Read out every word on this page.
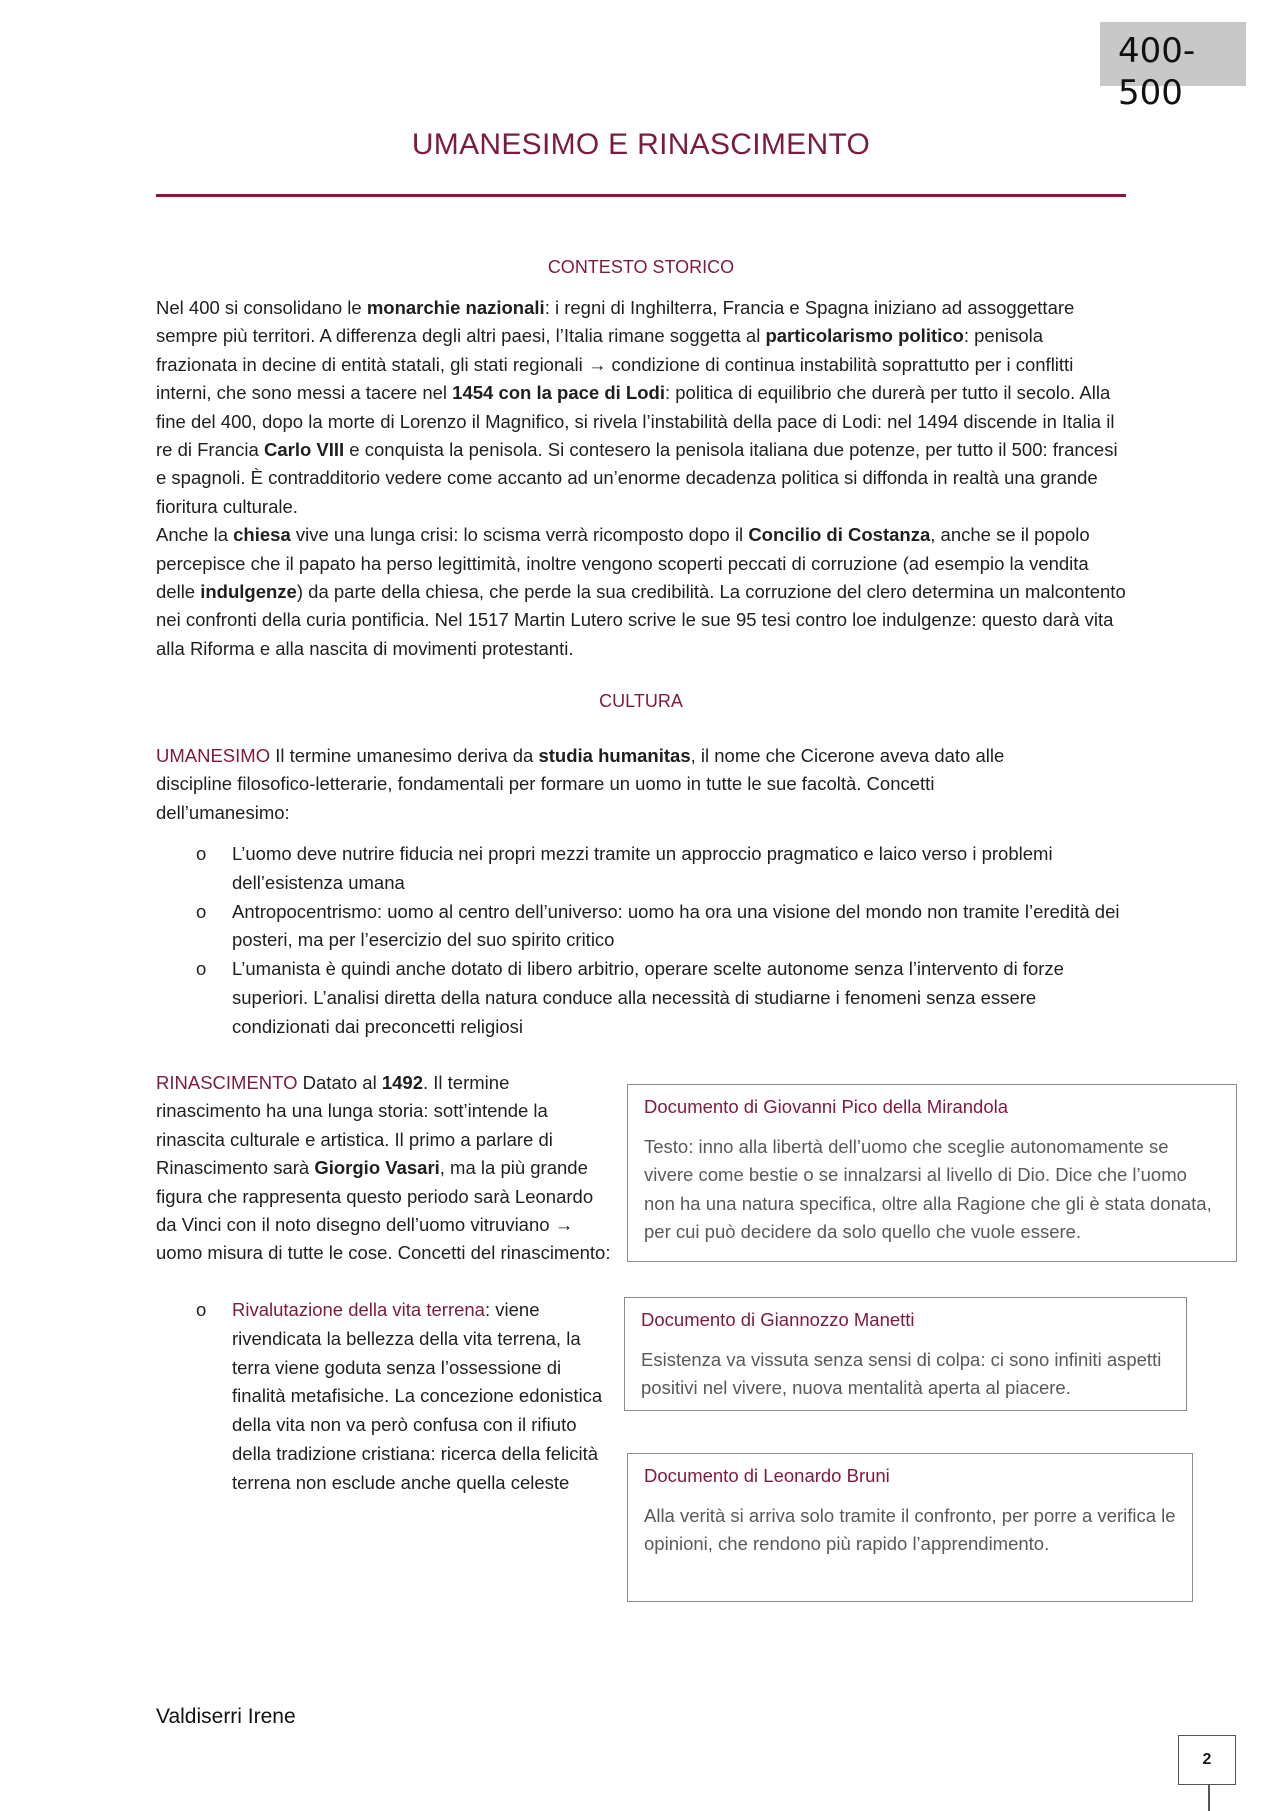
400-500
UMANESIMO E RINASCIMENTO
CONTESTO STORICO

Nel 400 si consolidano le monarchie nazionali: i regni di Inghilterra, Francia e Spagna iniziano ad assoggettare sempre più territori. A differenza degli altri paesi, l’Italia rimane soggetta al particolarismo politico: penisola frazionata in decine di entità statali, gli stati regionali → condizione di continua instabilità soprattutto per i conflitti interni, che sono messi a tacere nel 1454 con la pace di Lodi: politica di equilibrio che durerà per tutto il secolo. Alla fine del 400, dopo la morte di Lorenzo il Magnifico, si rivela l’instabilità della pace di Lodi: nel 1494 discende in Italia il re di Francia Carlo VIII e conquista la penisola. Si contesero la penisola italiana due potenze, per tutto il 500: francesi e spagnoli. È contradditorio vedere come accanto ad un’enorme decadenza politica si diffonda in realtà una grande fioritura culturale.

Anche la chiesa vive una lunga crisi: lo scisma verrà ricomposto dopo il Concilio di Costanza, anche se il popolo percepisce che il papato ha perso legittimità, inoltre vengono scoperti peccati di corruzione (ad esempio la vendita delle indulgenze) da parte della chiesa, che perde la sua credibilità. La corruzione del clero determina un malcontento nei confronti della curia pontificia. Nel 1517 Martin Lutero scrive le sue 95 tesi contro loe indulgenze: questo darà vita alla Riforma e alla nascita di movimenti protestanti.

CULTURA

UMANESIMO Il termine umanesimo deriva da studia humanitas, il nome che Cicerone aveva dato alle discipline filosofico-letterarie, fondamentali per formare un uomo in tutte le sue facoltà. Concetti dell’umanesimo:

o L’uomo deve nutrire fiducia nei propri mezzi tramite un approccio pragmatico e laico verso i problemi dell’esistenza umana
o Antropocentrismo: uomo al centro dell’universo: uomo ha ora una visione del mondo non tramite l’eredità dei posteri, ma per l’esercizio del suo spirito critico
o L’umanista è quindi anche dotato di libero arbitrio, operare scelte autonome senza l’intervento di forze superiori. L’analisi diretta della natura conduce alla necessità di studiarne i fenomeni senza essere condizionati dai preconcetti religiosi

RINASCIMENTO Datato al 1492. Il termine rinascimento ha una lunga storia: sott’intende la rinascita culturale e artistica. Il primo a parlare di Rinascimento sarà Giorgio Vasari, ma la più grande figura che rappresenta questo periodo sarà Leonardo da Vinci con il noto disegno dell’uomo vitruviano → uomo misura di tutte le cose. Concetti del rinascimento:

o Rivalutazione della vita terrena: viene rivendicata la bellezza della vita terrena, la terra viene goduta senza l’ossessione di finalità metafisiche. La concezione edonistica della vita non va però confusa con il rifiuto della tradizione cristiana: ricerca della felicità terrena non esclude anche quella celeste
Documento di Giovanni Pico della Mirandola
Testo: inno alla libertà dell’uomo che sceglie autonomamente se vivere come bestie o se innalzarsi al livello di Dio. Dice che l’uomo non ha una natura specifica, oltre alla Ragione che gli è stata donata, per cui può decidere da solo quello che vuole essere.
Documento di Giannozzo Manetti
Esistenza va vissuta senza sensi di colpa: ci sono infiniti aspetti positivi nel vivere, nuova mentalità aperta al piacere.
Documento di Leonardo Bruni
Alla verità si arriva solo tramite il confronto, per porre a verifica le opinioni, che rendono più rapido l’apprendimento.
Valdiserri Irene
2
